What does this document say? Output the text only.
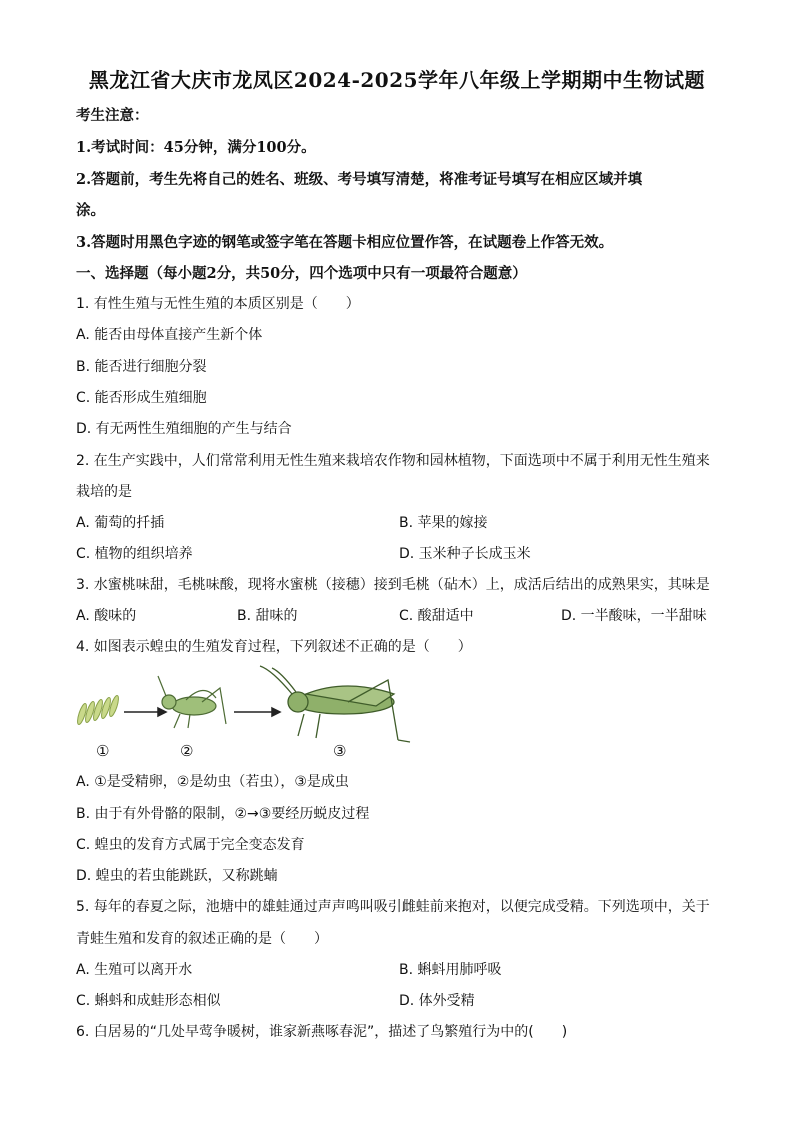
黑龙江省大庆市龙凤区2024-2025学年八年级上学期期中生物试题
考生注意：
1.考试时间：45分钟，满分100分。
2.答题前，考生先将自己的姓名、班级、考号填写清楚，将准考证号填写在相应区域并填
涂。
3.答题时用黑色字迹的钢笔或签字笔在答题卡相应位置作答，在试题卷上作答无效。
一、选择题（每小题2分，共50分，四个选项中只有一项最符合题意）
1. 有性生殖与无性生殖的本质区别是（　　）
A. 能否由母体直接产生新个体
B. 能否进行细胞分裂
C. 能否形成生殖细胞
D. 有无两性生殖细胞的产生与结合
2. 在生产实践中，人们常常利用无性生殖来栽培农作物和园林植物，下面选项中不属于利用无性生殖来
栽培的是
A. 葡萄的扦插	B. 苹果的嫁接
C. 植物的组织培养	D. 玉米种子长成玉米
3. 水蜜桃味甜，毛桃味酸，现将水蜜桃（接穗）接到毛桃（砧木）上，成活后结出的成熟果实，其味是
A. 酸味的	B. 甜味的	C. 酸甜适中	D. 一半酸味，一半甜味
4. 如图表示蝗虫的生殖发育过程，下列叙述不正确的是（　　）
①	②	③
A. ①是受精卵，②是幼虫（若虫），③是成虫
B. 由于有外骨骼的限制，②→③要经历蜕皮过程
C. 蝗虫的发育方式属于完全变态发育
D. 蝗虫的若虫能跳跃，又称跳蝻
5. 每年的春夏之际，池塘中的雄蛙通过声声鸣叫吸引雌蛙前来抱对，以便完成受精。下列选项中，关于
青蛙生殖和发育的叙述正确的是（　　）
A. 生殖可以离开水	B. 蝌蚪用肺呼吸
C. 蝌蚪和成蛙形态相似	D. 体外受精
6. 白居易的“几处早莺争暖树，谁家新燕啄春泥”，描述了鸟繁殖行为中的(　　)
